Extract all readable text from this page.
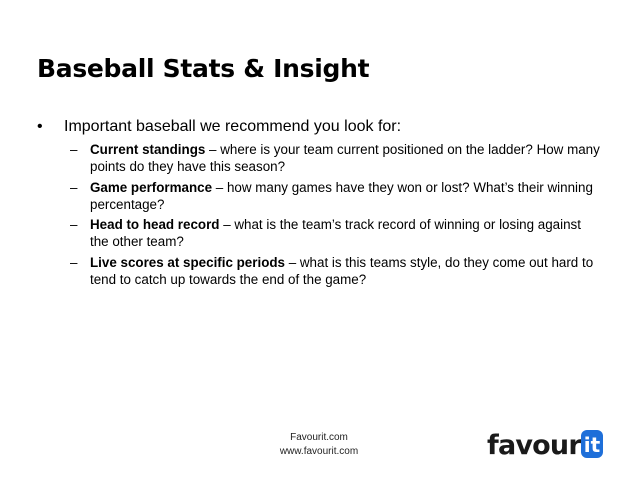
Baseball Stats & Insight
•	Important baseball we recommend you look for:
– Current standings – where is your team current positioned on the ladder? How many points do they have this season?
– Game performance – how many games have they won or lost? What’s their winning percentage?
– Head to head record – what is the team’s track record of winning or losing against the other team?
– Live scores at specific periods – what is this teams style, do they come out hard to tend to catch up towards the end of the game?
Favourit.com
www.favourit.com	favour it
